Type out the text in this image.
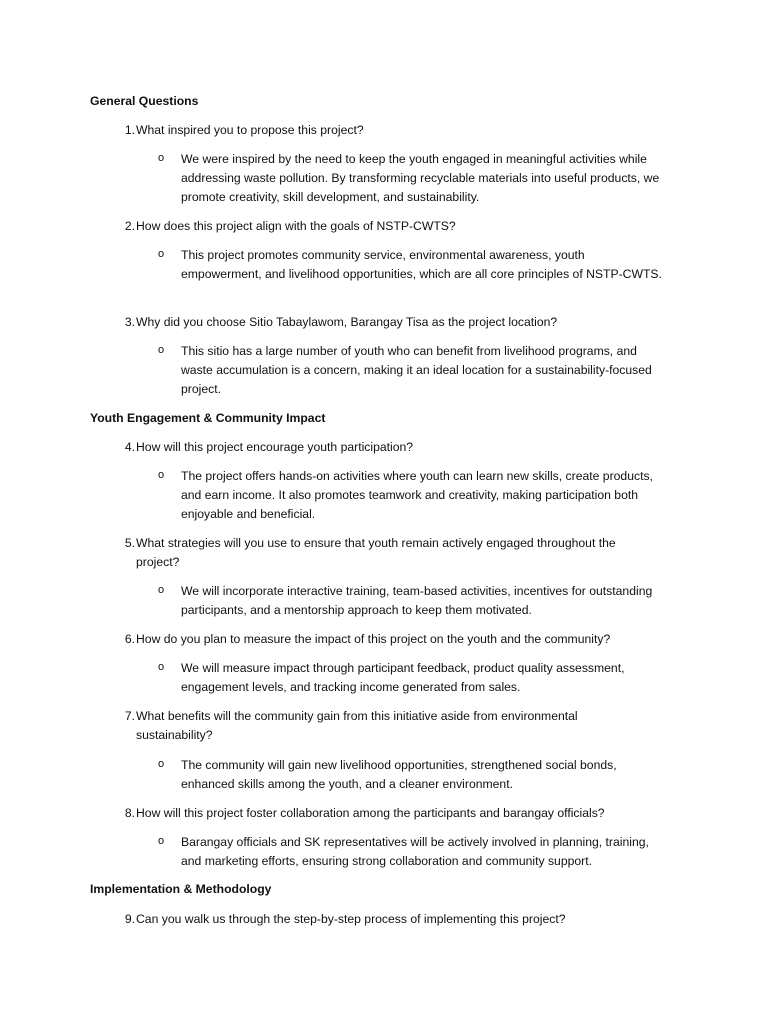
General Questions
1. What inspired you to propose this project?
o We were inspired by the need to keep the youth engaged in meaningful activities while addressing waste pollution. By transforming recyclable materials into useful products, we promote creativity, skill development, and sustainability.
2. How does this project align with the goals of NSTP-CWTS?
o This project promotes community service, environmental awareness, youth empowerment, and livelihood opportunities, which are all core principles of NSTP-CWTS.
3. Why did you choose Sitio Tabaylawom, Barangay Tisa as the project location?
o This sitio has a large number of youth who can benefit from livelihood programs, and waste accumulation is a concern, making it an ideal location for a sustainability-focused project.
Youth Engagement & Community Impact
4. How will this project encourage youth participation?
o The project offers hands-on activities where youth can learn new skills, create products, and earn income. It also promotes teamwork and creativity, making participation both enjoyable and beneficial.
5. What strategies will you use to ensure that youth remain actively engaged throughout the project?
o We will incorporate interactive training, team-based activities, incentives for outstanding participants, and a mentorship approach to keep them motivated.
6. How do you plan to measure the impact of this project on the youth and the community?
o We will measure impact through participant feedback, product quality assessment, engagement levels, and tracking income generated from sales.
7. What benefits will the community gain from this initiative aside from environmental sustainability?
o The community will gain new livelihood opportunities, strengthened social bonds, enhanced skills among the youth, and a cleaner environment.
8. How will this project foster collaboration among the participants and barangay officials?
o Barangay officials and SK representatives will be actively involved in planning, training, and marketing efforts, ensuring strong collaboration and community support.
Implementation & Methodology
9. Can you walk us through the step-by-step process of implementing this project?
